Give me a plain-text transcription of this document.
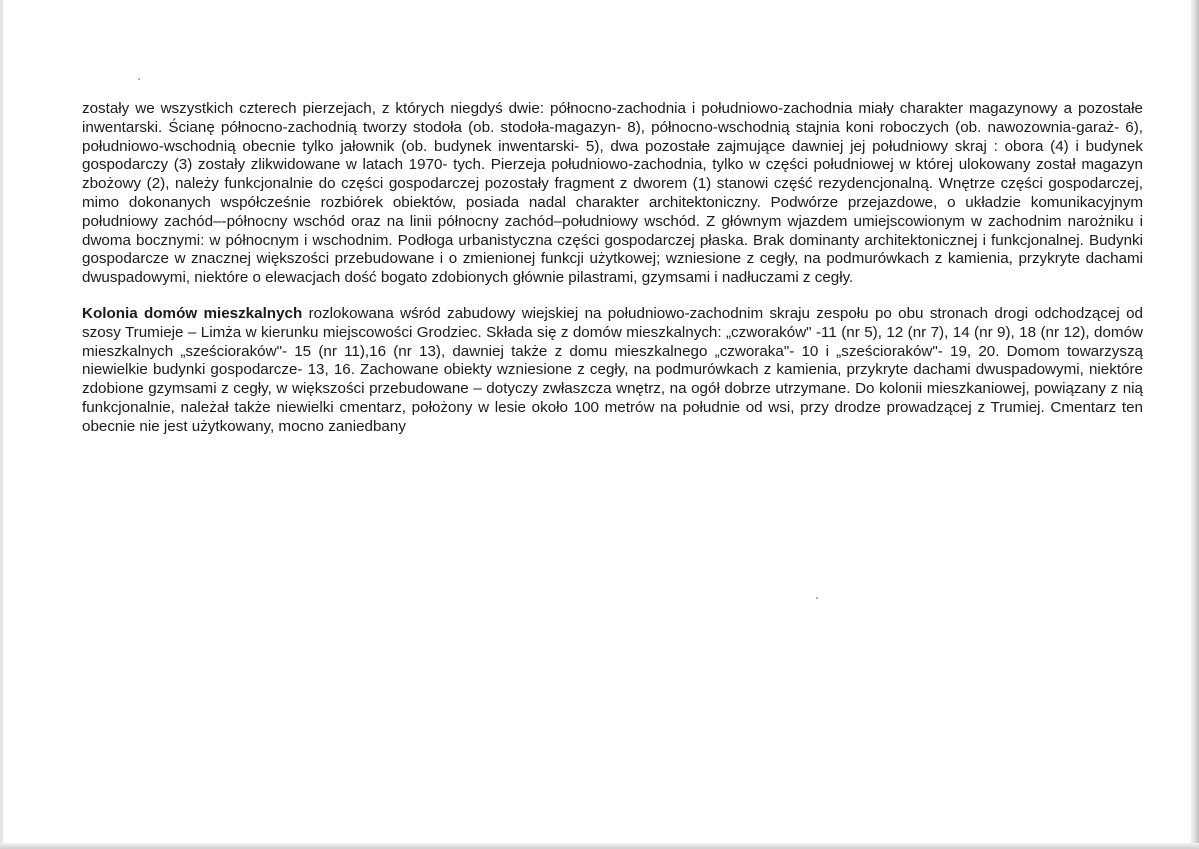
zostały we wszystkich czterech pierzejach, z których niegdyś dwie: północno-zachodnia i południowo-zachodnia miały charakter magazynowy a pozostałe inwentarski. Ścianę północno-zachodnią tworzy stodoła (ob. stodoła-magazyn- 8), północno-wschodnią stajnia koni roboczych (ob. nawozownia-garaż- 6), południowo-wschodnią obecnie tylko jałownik (ob. budynek inwentarski- 5), dwa pozostałe zajmujące dawniej jej południowy skraj : obora (4) i budynek gospodarczy (3) zostały zlikwidowane w latach 1970- tych. Pierzeja południowo-zachodnia, tylko w części południowej w której ulokowany został magazyn zbożowy (2), należy funkcjonalnie do części gospodarczej pozostały fragment z dworem (1) stanowi część rezydencjonalną. Wnętrze części gospodarczej, mimo dokonanych współcześnie rozbiórek obiektów, posiada nadal charakter architektoniczny. Podwórze przejazdowe, o układzie komunikacyjnym południowy zachód–-północny wschód oraz na linii północny zachód–południowy wschód. Z głównym wjazdem umiejscowionym w zachodnim narożniku i dwoma bocznymi: w północnym i wschodnim. Podłoga urbanistyczna części gospodarczej płaska. Brak dominanty architektonicznej i funkcjonalnej. Budynki gospodarcze w znacznej większości przebudowane i o zmienionej funkcji użytkowej; wzniesione z cegły, na podmurówkach z kamienia, przykryte dachami dwuspadowymi, niektóre o elewacjach dość bogato zdobionych głównie pilastrami, gzymsami i nadłuczami z cegły.

Kolonia domów mieszkalnych rozlokowana wśród zabudowy wiejskiej na południowo-zachodnim skraju zespołu po obu stronach drogi odchodzącej od szosy Trumieje – Limża w kierunku miejscowości Grodziec. Składa się z domów mieszkalnych: „czworaków" -11 (nr 5), 12 (nr 7), 14 (nr 9), 18 (nr 12), domów mieszkalnych „sześcioraków"- 15 (nr 11),16 (nr 13), dawniej także z domu mieszkalnego „czworaka"- 10 i „sześcioraków"- 19, 20. Domom towarzyszą niewielkie budynki gospodarcze- 13, 16. Zachowane obiekty wzniesione z cegły, na podmurówkach z kamienia, przykryte dachami dwuspadowymi, niektóre zdobione gzymsami z cegły, w większości przebudowane – dotyczy zwłaszcza wnętrz, na ogół dobrze utrzymane. Do kolonii mieszkaniowej, powiązany z nią funkcjonalnie, należał także niewielki cmentarz, położony w lesie około 100 metrów na południe od wsi, przy drodze prowadzącej z Trumiej. Cmentarz ten obecnie nie jest użytkowany, mocno zaniedbany
